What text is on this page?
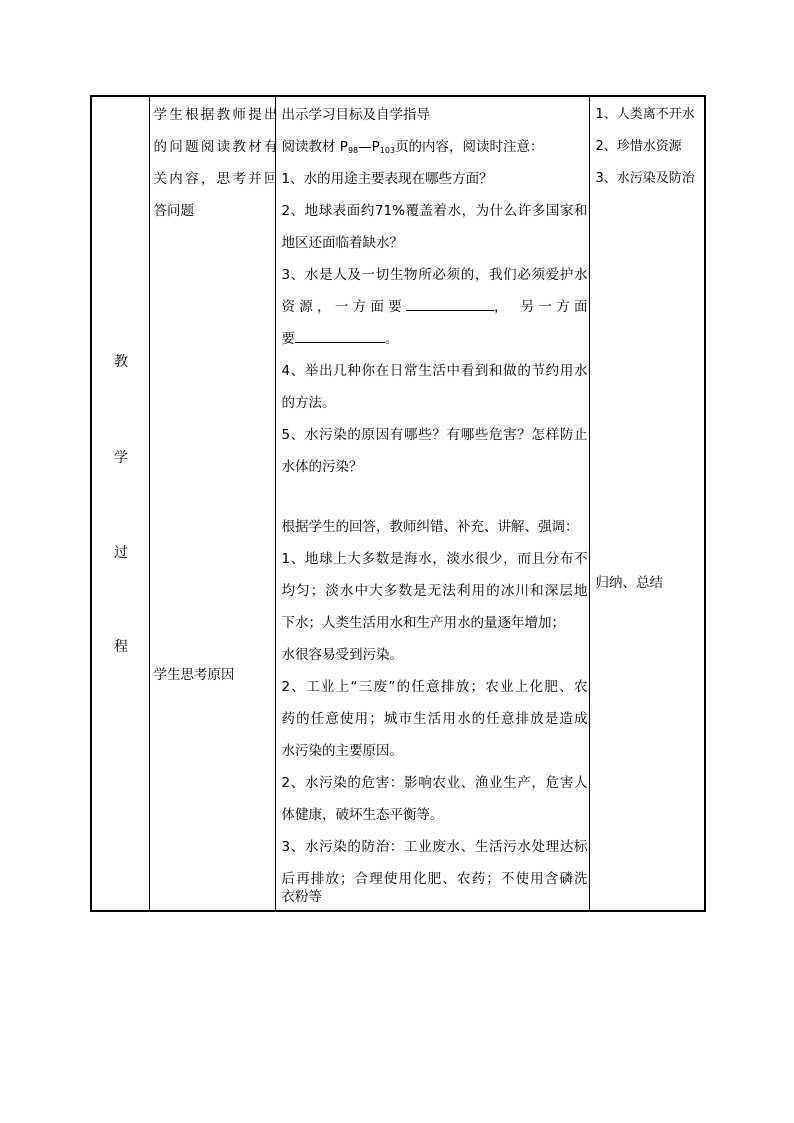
教
学
过
程

学生根据教师提出
的问题阅读教材有
关内容，思考并回
答问题
学生思考原因

出示学习目标及自学指导
阅读教材 $P_{98}—P_{103}$页的内容，阅读时注意：
1、水的用途主要表现在哪些方面？
2、地球表面约71%覆盖着水，为什么许多国家和
地区还面临着缺水？
3、水是人及一切生物所必须的，我们必须爱护水
资 源 ， 一 方 面 要	， 另 一 方 面
要	。
4、举出几种你在日常生活中看到和做的节约用水
的方法。
5、水污染的原因有哪些？有哪些危害？怎样防止
水体的污染？
根据学生的回答，教师纠错、补充、讲解、强调：
1、地球上大多数是海水，淡水很少，而且分布不
均匀；淡水中大多数是无法利用的冰川和深层地
下水；人类生活用水和生产用水的量逐年增加；
水很容易受到污染。
2、工业上“三废”的任意排放；农业上化肥、农
药的任意使用；城市生活用水的任意排放是造成
水污染的主要原因。
2、水污染的危害：影响农业、渔业生产，危害人
体健康，破坏生态平衡等。
3、水污染的防治：工业废水、生活污水处理达标
后再排放；合理使用化肥、农药；不使用含磷洗
衣粉等

1、人类离不开水
2、珍惜水资源
3、水污染及防治
归纳、总结
